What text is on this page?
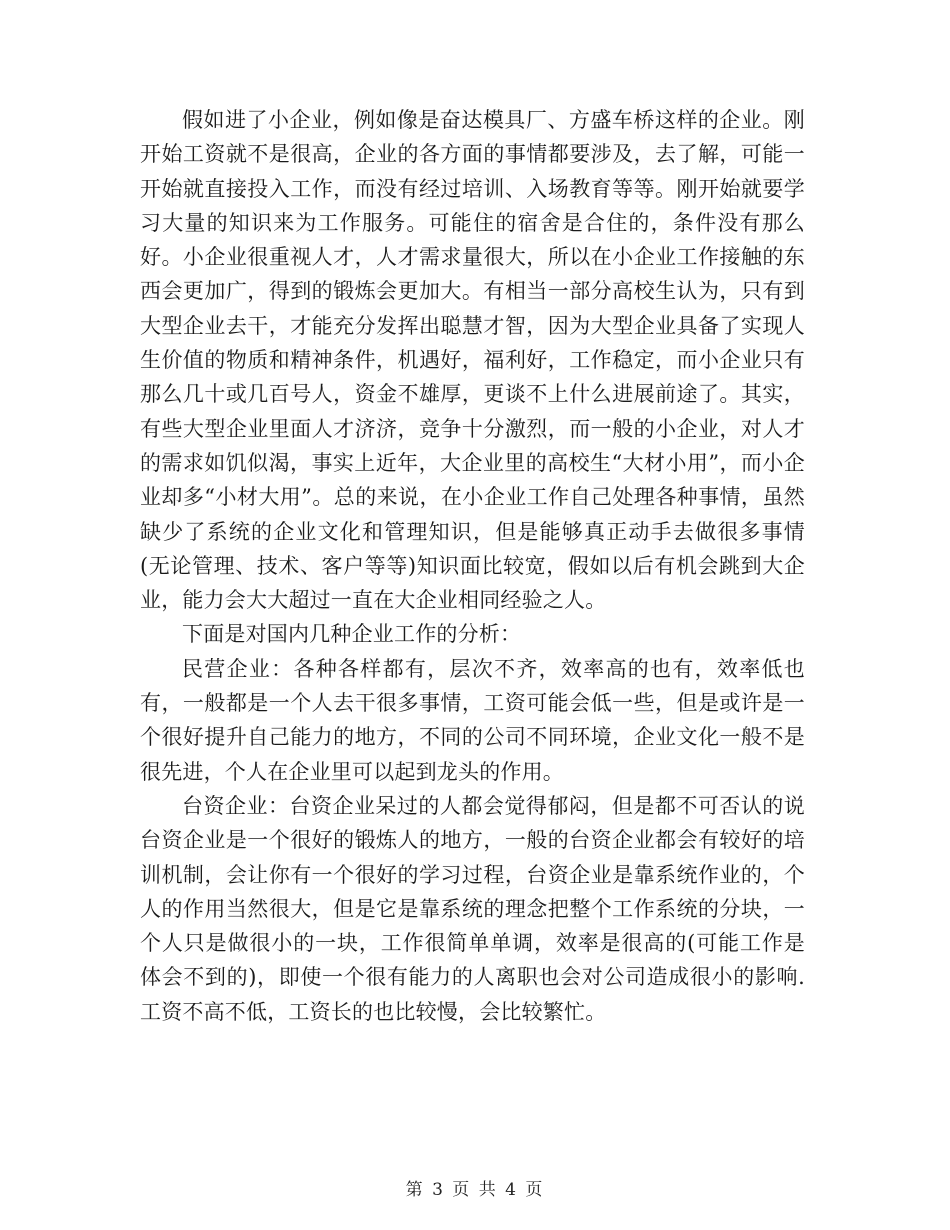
假如进了小企业，例如像是奋达模具厂、方盛车桥这样的企业。刚开始工资就不是很高，企业的各方面的事情都要涉及，去了解，可能一开始就直接投入工作，而没有经过培训、入场教育等等。刚开始就要学习大量的知识来为工作服务。可能住的宿舍是合住的，条件没有那么好。小企业很重视人才，人才需求量很大，所以在小企业工作接触的东西会更加广，得到的锻炼会更加大。有相当一部分高校生认为，只有到大型企业去干，才能充分发挥出聪慧才智，因为大型企业具备了实现人生价值的物质和精神条件，机遇好，福利好，工作稳定，而小企业只有那么几十或几百号人，资金不雄厚，更谈不上什么进展前途了。其实，有些大型企业里面人才济济，竞争十分激烈，而一般的小企业，对人才的需求如饥似渴，事实上近年，大企业里的高校生“大材小用”，而小企业却多“小材大用”。总的来说，在小企业工作自己处理各种事情，虽然缺少了系统的企业文化和管理知识，但是能够真正动手去做很多事情(无论管理、技术、客户等等)知识面比较宽，假如以后有机会跳到大企业，能力会大大超过一直在大企业相同经验之人。

下面是对国内几种企业工作的分析：

民营企业：各种各样都有，层次不齐，效率高的也有，效率低也有，一般都是一个人去干很多事情，工资可能会低一些，但是或许是一个很好提升自己能力的地方，不同的公司不同环境，企业文化一般不是很先进，个人在企业里可以起到龙头的作用。

台资企业：台资企业呆过的人都会觉得郁闷，但是都不可否认的说台资企业是一个很好的锻炼人的地方，一般的台资企业都会有较好的培训机制，会让你有一个很好的学习过程，台资企业是靠系统作业的，个人的作用当然很大，但是它是靠系统的理念把整个工作系统的分块，一个人只是做很小的一块，工作很简单单调，效率是很高的(可能工作是体会不到的)，即使一个很有能力的人离职也会对公司造成很小的影响.工资不高不低，工资长的也比较慢，会比较繁忙。

第 3 页 共 4 页
